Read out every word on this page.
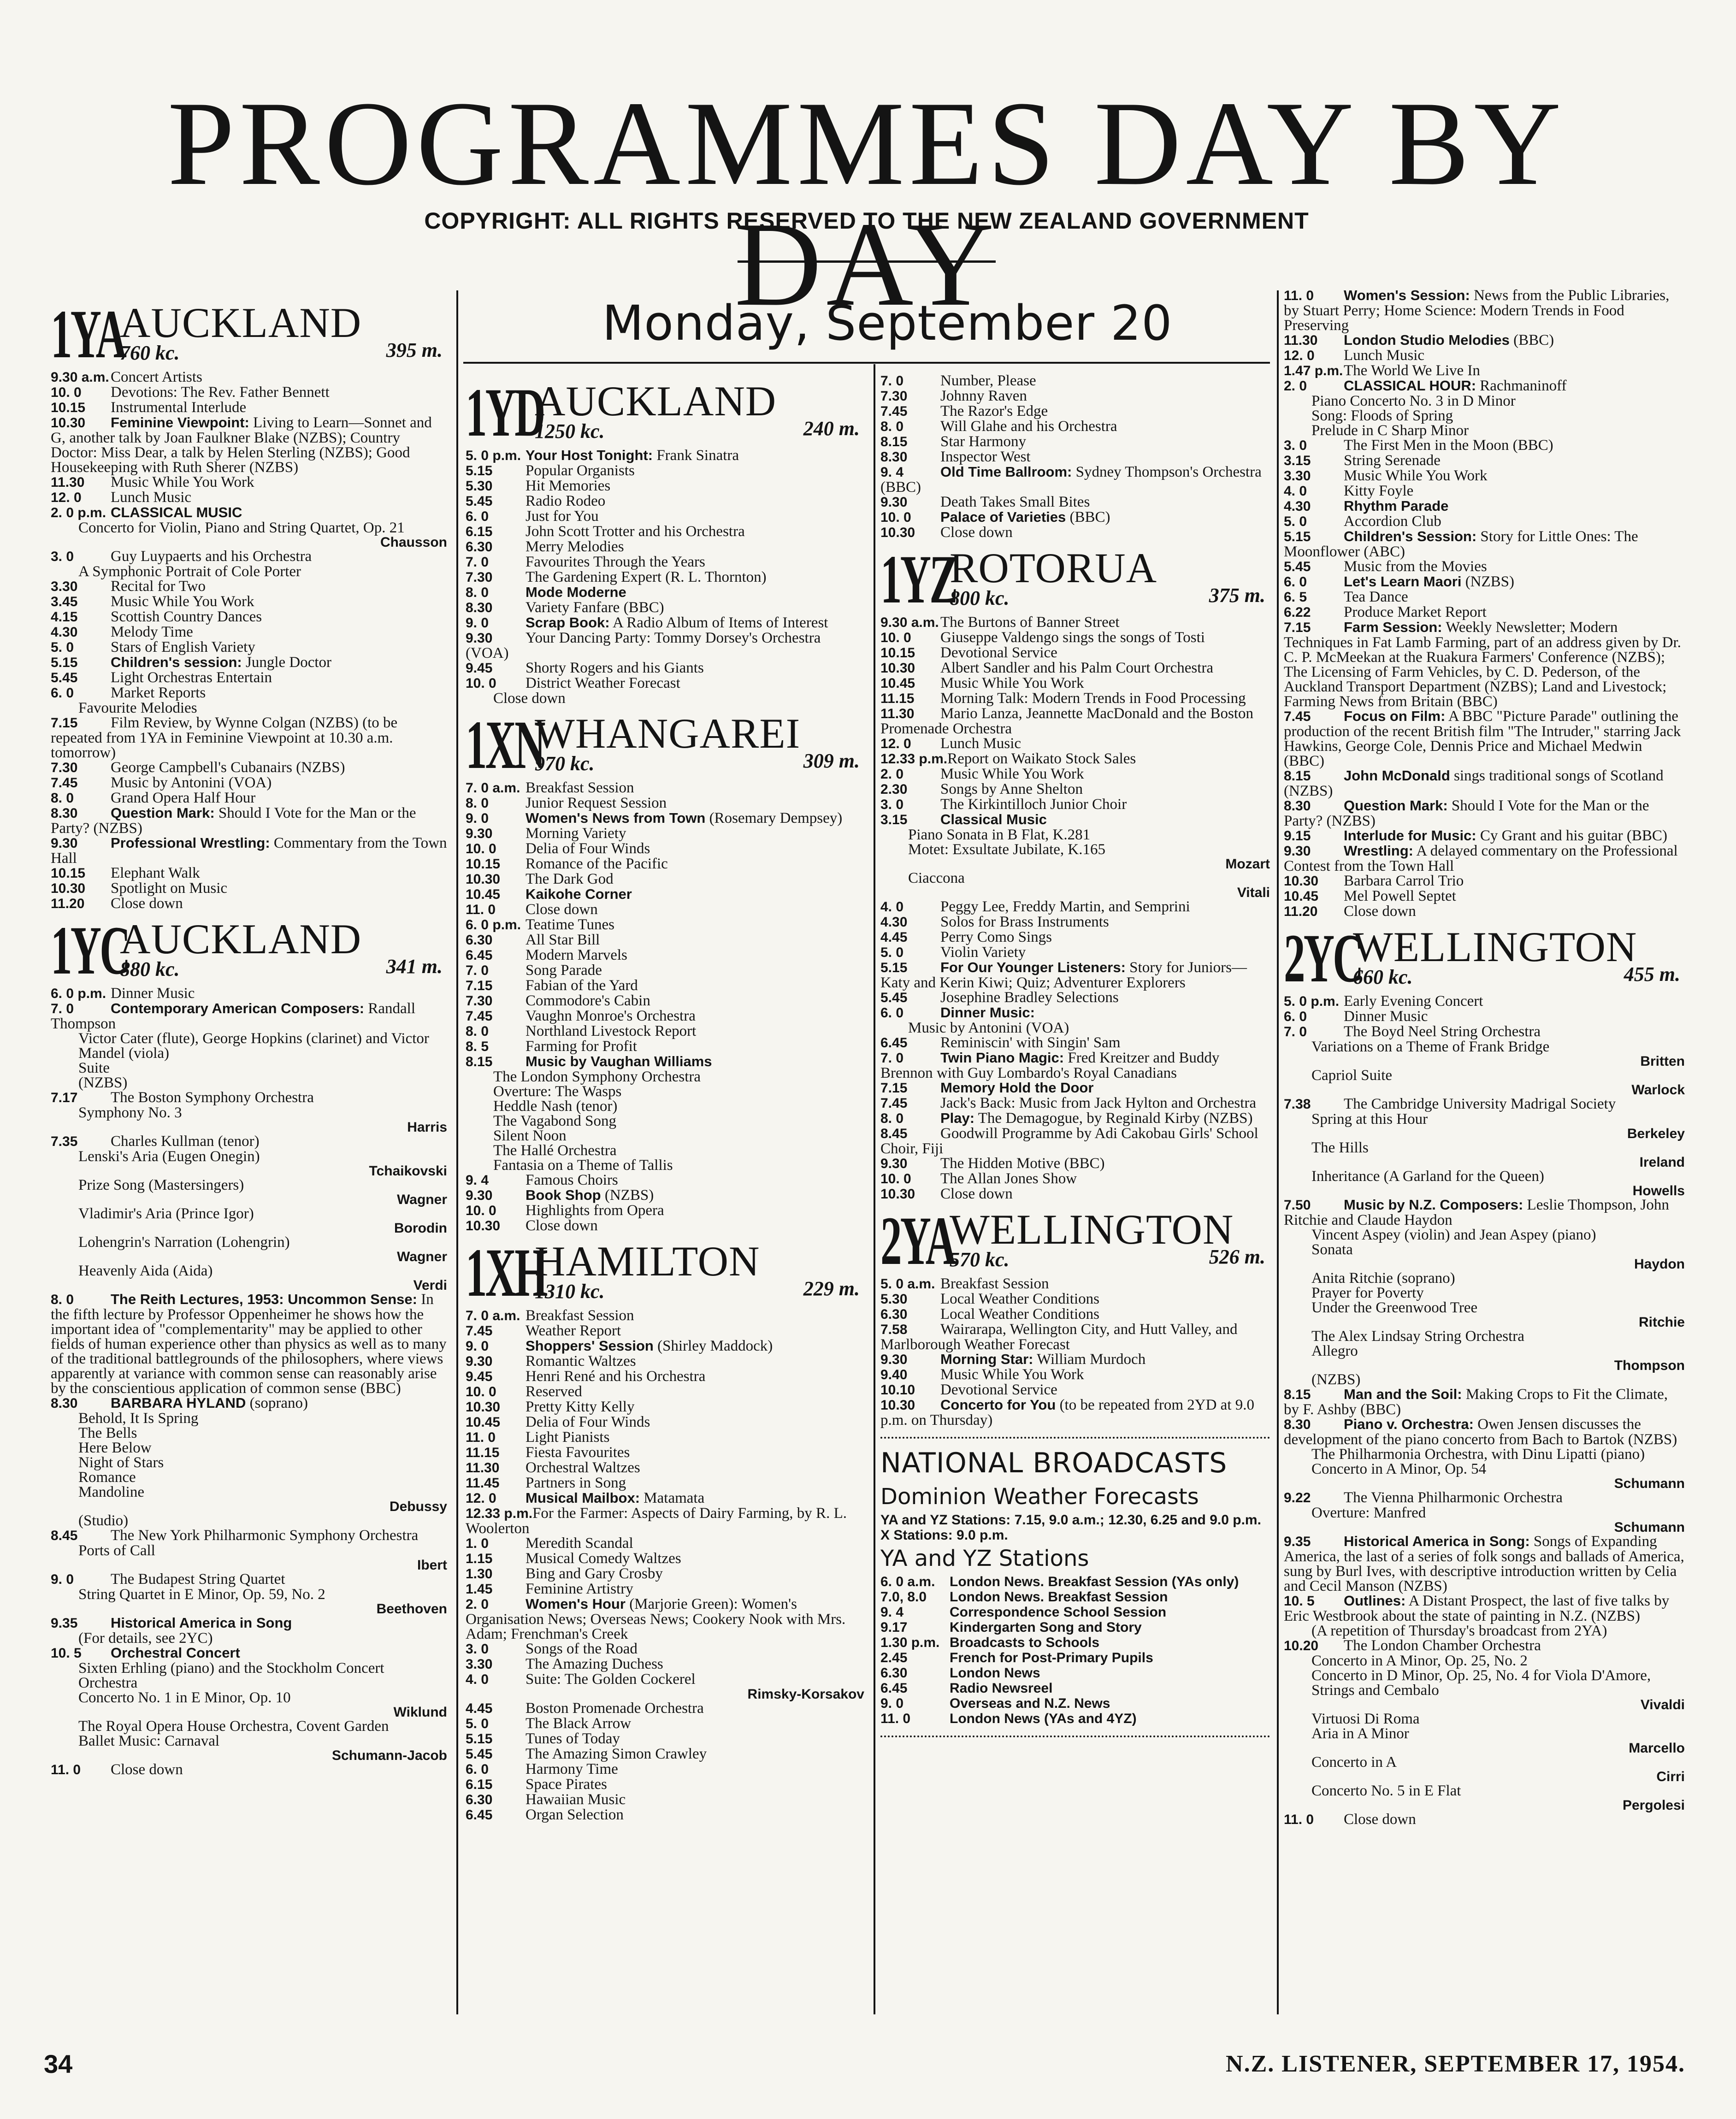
PROGRAMMES DAY BY DAY
COPYRIGHT: ALL RIGHTS RESERVED TO THE NEW ZEALAND GOVERNMENT
1YA
AUCKLAND
760 kc.	395 m.

9.30 a.m.Concert Artists

10. 0 Devotions: The Rev. Father Bennett

10.15 Instrumental Interlude

10.30 Feminine Viewpoint: Living to Learn—Sonnet and G, another talk by Joan Faulkner Blake (NZBS); Country Doctor: Miss Dear, a talk by Helen Sterling (NZBS); Good Housekeeping with Ruth Sherer (NZBS)

11.30 Music While You Work

12. 0 Lunch Music

2. 0 p.m. CLASSICAL MUSIC

Concerto for Violin, Piano and String Quartet, Op. 21

Chausson

3. 0 Guy Luypaerts and his Orchestra

A Symphonic Portrait of Cole Porter

3.30 Recital for Two

3.45 Music While You Work

4.15 Scottish Country Dances

4.30 Melody Time

5. 0 Stars of English Variety

5.15 Children's session: Jungle Doctor

5.45 Light Orchestras Entertain

6. 0 Market Reports

Favourite Melodies

7.15 Film Review, by Wynne Colgan (NZBS) (to be repeated from 1YA in Feminine Viewpoint at 10.30 a.m. tomorrow)

7.30 George Campbell's Cubanairs (NZBS)

7.45 Music by Antonini (VOA)

8. 0 Grand Opera Half Hour

8.30 Question Mark: Should I Vote for the Man or the Party? (NZBS)

9.30 Professional Wrestling: Commentary from the Town Hall

10.15 Elephant Walk

10.30 Spotlight on Music

11.20 Close down

1YC
AUCKLAND
880 kc.	341 m.

6. 0 p.m. Dinner Music

7. 0	Contemporary American Composers: Randall Thompson

Victor Cater (flute), George Hopkins (clarinet) and Victor Mandel (viola)

Suite

(NZBS)

7.17 The Boston Symphony Orchestra

Symphony No. 3

Harris

7.35 Charles Kullman (tenor)

Lenski's Aria (Eugen Onegin)

Tchaikovski

Prize Song (Mastersingers)

Wagner

Vladimir's Aria (Prince Igor)

Borodin

Lohengrin's Narration (Lohengrin)

Wagner

Heavenly Aida (Aida)

Verdi

8. 0	The Reith Lectures, 1953: Uncommon Sense: In the fifth lecture by Professor Oppenheimer he shows how the important idea of "complementarity" may be applied to other fields of human experience other than physics as well as to many of the traditional battlegrounds of the philosophers, where views apparently at variance with common sense can reasonably arise by the conscientious application of common sense (BBC)

8.30 BARBARA HYLAND (soprano)

Behold, It Is Spring

The Bells

Here Below

Night of Stars

Romance

Mandoline

Debussy

(Studio)

8.45 The New York Philharmonic Symphony Orchestra

Ports of Call

Ibert

9. 0 The Budapest String Quartet

String Quartet in E Minor, Op. 59, No. 2

Beethoven

9.35 Historical America in Song

(For details, see 2YC)

10. 5 Orchestral Concert

Sixten Erhling (piano) and the Stockholm Concert Orchestra

Concerto No. 1 in E Minor, Op. 10

Wiklund

The Royal Opera House Orchestra, Covent Garden

Ballet Music: Carnaval

Schumann-Jacob

11. 0 Close down

Monday, September 20
1YD
AUCKLAND
1250 kc.	240 m.

5. 0 p.m. Your Host Tonight: Frank Sinatra

5.15 Popular Organists

5.30 Hit Memories

5.45 Radio Rodeo

6. 0 Just for You

6.15 John Scott Trotter and his Orchestra

6.30 Merry Melodies

7. 0 Favourites Through the Years

7.30 The Gardening Expert (R. L. Thornton)

8. 0	Mode Moderne

8.30 Variety Fanfare (BBC)

9. 0	Scrap Book: A Radio Album of Items of Interest

9.30 Your Dancing Party: Tommy Dorsey's Orchestra (VOA)

9.45 Shorty Rogers and his Giants

10. 0 District Weather Forecast

Close down

1XN
WHANGAREI
970 kc.	309 m.

7. 0 a.m. Breakfast Session

8. 0 Junior Request Session

9. 0	Women's News from Town (Rosemary Dempsey)

9.30 Morning Variety

10. 0 Delia of Four Winds

10.15 Romance of the Pacific

10.30 The Dark God

10.45 Kaikohe Corner

11. 0 Close down

6. 0 p.m. Teatime Tunes

6.30 All Star Bill

6.45 Modern Marvels

7. 0 Song Parade

7.15 Fabian of the Yard

7.30 Commodore's Cabin

7.45 Vaughn Monroe's Orchestra

8. 0 Northland Livestock Report

8. 5 Farming for Profit

8.15 Music by Vaughan Williams

The London Symphony Orchestra

Overture: The Wasps

Heddle Nash (tenor)

The Vagabond Song

Silent Noon

The Hallé Orchestra

Fantasia on a Theme of Tallis

9. 4 Famous Choirs

9.30 Book Shop (NZBS)

10. 0 Highlights from Opera

10.30 Close down

1XH
HAMILTON
1310 kc.	229 m.

7. 0 a.m. Breakfast Session

7.45 Weather Report

9. 0	Shoppers' Session (Shirley Maddock)

9.30 Romantic Waltzes

9.45 Henri René and his Orchestra

10. 0 Reserved

10.30 Pretty Kitty Kelly

10.45 Delia of Four Winds

11. 0 Light Pianists

11.15 Fiesta Favourites

11.30 Orchestral Waltzes

11.45 Partners in Song

12. 0 Musical Mailbox: Matamata

12.33 p.m.For the Farmer: Aspects of Dairy Farming, by R. L. Woolerton

1. 0 Meredith Scandal

1.15 Musical Comedy Waltzes

1.30 Bing and Gary Crosby

1.45 Feminine Artistry

2. 0	Women's Hour (Marjorie Green): Women's Organisation News; Overseas News; Cookery Nook with Mrs. Adam; Frenchman's Creek

3. 0 Songs of the Road

3.30 The Amazing Duchess

4. 0 Suite: The Golden Cockerel

Rimsky-Korsakov

4.45 Boston Promenade Orchestra

5. 0 The Black Arrow

5.15 Tunes of Today

5.45 The Amazing Simon Crawley

6. 0 Harmony Time

6.15 Space Pirates

6.30 Hawaiian Music

6.45 Organ Selection

7. 0 Number, Please

7.30 Johnny Raven

7.45 The Razor's Edge

8. 0 Will Glahe and his Orchestra

8.15 Star Harmony

8.30 Inspector West

9. 4	Old Time Ballroom: Sydney Thompson's Orchestra (BBC)

9.30 Death Takes Small Bites

10. 0 Palace of Varieties (BBC)

10.30 Close down

1YZ
ROTORUA
800 kc.	375 m.

9.30 a.m.The Burtons of Banner Street

10. 0 Giuseppe Valdengo sings the songs of Tosti

10.15 Devotional Service

10.30 Albert Sandler and his Palm Court Orchestra

10.45 Music While You Work

11.15 Morning Talk: Modern Trends in Food Processing

11.30 Mario Lanza, Jeannette MacDonald and the Boston Promenade Orchestra

12. 0 Lunch Music

12.33 p.m.Report on Waikato Stock Sales

2. 0 Music While You Work

2.30 Songs by Anne Shelton

3. 0 The Kirkintilloch Junior Choir

3.15 Classical Music

Piano Sonata in B Flat, K.281

Motet: Exsultate Jubilate, K.165

Mozart

Ciaccona

Vitali

4. 0 Peggy Lee, Freddy Martin, and Semprini

4.30 Solos for Brass Instruments

4.45 Perry Como Sings

5. 0 Violin Variety

5.15 For Our Younger Listeners: Story for Juniors—Katy and Kerin Kiwi; Quiz; Adventurer Explorers

5.45 Josephine Bradley Selections

6. 0	Dinner Music:

Music by Antonini (VOA)

6.45 Reminiscin' with Singin' Sam

7. 0	Twin Piano Magic: Fred Kreitzer and Buddy Brennon with Guy Lombardo's Royal Canadians

7.15 Memory Hold the Door

7.45 Jack's Back: Music from Jack Hylton and Orchestra

8. 0	Play: The Demagogue, by Reginald Kirby (NZBS)

8.45 Goodwill Programme by Adi Cakobau Girls' School Choir, Fiji

9.30 The Hidden Motive (BBC)

10. 0 The Allan Jones Show

10.30 Close down

2YA
WELLINGTON
570 kc.	526 m.

5. 0 a.m. Breakfast Session

5.30 Local Weather Conditions

6.30 Local Weather Conditions

7.58 Wairarapa, Wellington City, and Hutt Valley, and Marlborough Weather Forecast

9.30 Morning Star: William Murdoch

9.40 Music While You Work

10.10 Devotional Service

10.30 Concerto for You (to be repeated from 2YD at 9.0 p.m. on Thursday)

NATIONAL BROADCASTS
Dominion Weather Forecasts

YA and YZ Stations: 7.15, 9.0 a.m.; 12.30, 6.25 and 9.0 p.m.

X Stations: 9.0 p.m.

YA and YZ Stations

6. 0 a.m. London News. Breakfast Session (YAs only)

7.0, 8.0 London News. Breakfast Session

9. 4	Correspondence School Session

9.17	Kindergarten Song and Story

1.30 p.m. Broadcasts to Schools

2.45	French for Post-Primary Pupils

6.30	London News

6.45	Radio Newsreel

9. 0	Overseas and N.Z. News

11. 0	London News (YAs and 4YZ)

11. 0 Women's Session: News from the Public Libraries, by Stuart Perry; Home Science: Modern Trends in Food Preserving

11.30 London Studio Melodies (BBC)

12. 0 Lunch Music

1.47 p.m.The World We Live In

2. 0	CLASSICAL HOUR: Rachmaninoff

Piano Concerto No. 3 in D Minor

Song: Floods of Spring

Prelude in C Sharp Minor

3. 0 The First Men in the Moon (BBC)

3.15 String Serenade

3.30 Music While You Work

4. 0 Kitty Foyle

4.30 Rhythm Parade

5. 0 Accordion Club

5.15 Children's Session: Story for Little Ones: The Moonflower (ABC)

5.45 Music from the Movies

6. 0	Let's Learn Maori (NZBS)

6. 5 Tea Dance

6.22 Produce Market Report

7.15 Farm Session: Weekly Newsletter; Modern Techniques in Fat Lamb Farming, part of an address given by Dr. C. P. McMeekan at the Ruakura Farmers' Conference (NZBS); The Licensing of Farm Vehicles, by C. D. Pederson, of the Auckland Transport Department (NZBS); Land and Livestock; Farming News from Britain (BBC)

7.45 Focus on Film: A BBC "Picture Parade" outlining the production of the recent British film "The Intruder," starring Jack Hawkins, George Cole, Dennis Price and Michael Medwin (BBC)

8.15 John McDonald sings traditional songs of Scotland (NZBS)

8.30 Question Mark: Should I Vote for the Man or the Party? (NZBS)

9.15 Interlude for Music: Cy Grant and his guitar (BBC)

9.30 Wrestling: A delayed commentary on the Professional Contest from the Town Hall

10.30 Barbara Carrol Trio

10.45 Mel Powell Septet

11.20 Close down

2YC
WELLINGTON
660 kc.	455 m.

5. 0 p.m. Early Evening Concert

6. 0 Dinner Music

7. 0 The Boyd Neel String Orchestra

Variations on a Theme of Frank Bridge

Britten

Capriol Suite

Warlock

7.38 The Cambridge University Madrigal Society

Spring at this Hour

Berkeley

The Hills

Ireland

Inheritance (A Garland for the Queen)

Howells

7.50 Music by N.Z. Composers: Leslie Thompson, John Ritchie and Claude Haydon

Vincent Aspey (violin) and Jean Aspey (piano)

Sonata

Haydon

Anita Ritchie (soprano)

Prayer for Poverty

Under the Greenwood Tree

Ritchie

The Alex Lindsay String Orchestra

Allegro

Thompson

(NZBS)

8.15 Man and the Soil: Making Crops to Fit the Climate, by F. Ashby (BBC)

8.30 Piano v. Orchestra: Owen Jensen discusses the development of the piano concerto from Bach to Bartok (NZBS)

The Philharmonia Orchestra, with Dinu Lipatti (piano)

Concerto in A Minor, Op. 54

Schumann

9.22 The Vienna Philharmonic Orchestra

Overture: Manfred

Schumann

9.35 Historical America in Song: Songs of Expanding America, the last of a series of folk songs and ballads of America, sung by Burl Ives, with descriptive introduction written by Celia and Cecil Manson (NZBS)

10. 5 Outlines: A Distant Prospect, the last of five talks by Eric Westbrook about the state of painting in N.Z. (NZBS)

(A repetition of Thursday's broadcast from 2YA)

10.20 The London Chamber Orchestra

Concerto in A Minor, Op. 25, No. 2

Concerto in D Minor, Op. 25, No. 4 for Viola D'Amore, Strings and Cembalo

Vivaldi

Virtuosi Di Roma

Aria in A Minor

Marcello

Concerto in A

Cirri

Concerto No. 5 in E Flat

Pergolesi

11. 0 Close down

34	N.Z. LISTENER, SEPTEMBER 17, 1954.
